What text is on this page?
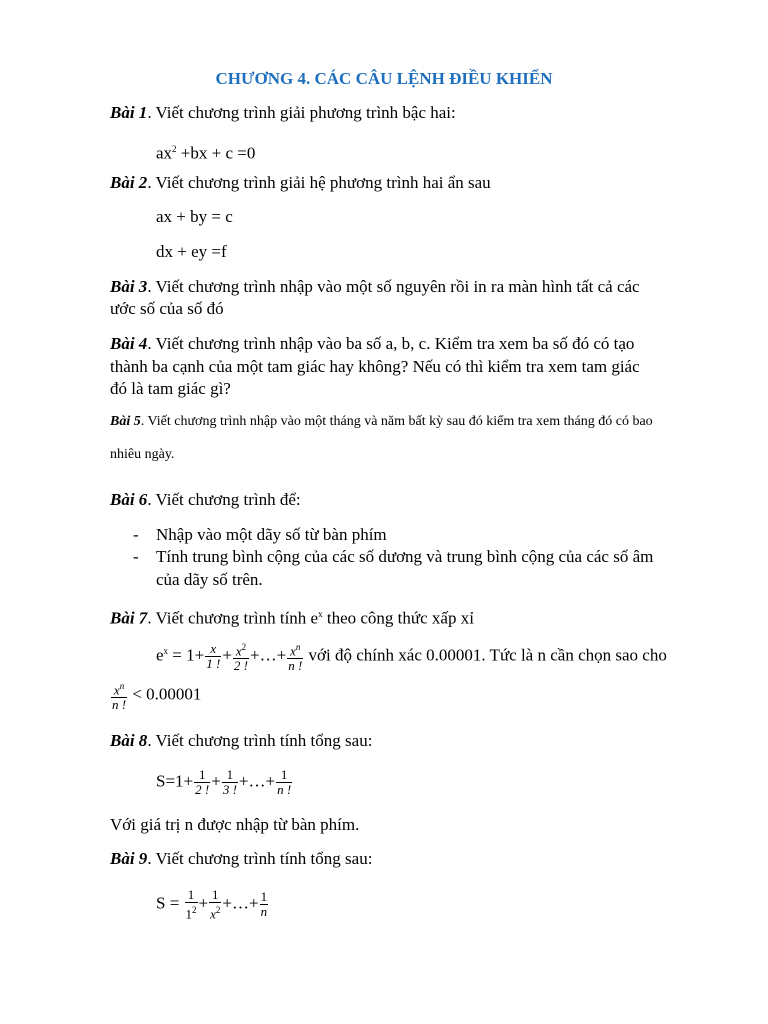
CHƯƠNG 4. CÁC CÂU LỆNH ĐIỀU KHIỂN
Bài 1. Viết chương trình giải phương trình bậc hai:
$ax^2 +bx + c =0$
Bài 2. Viết chương trình giải hệ phương trình hai ẩn sau
ax + by = c
dx + ey =f
Bài 3. Viết chương trình nhập vào một số nguyên rồi in ra màn hình tất cả các
ước số của số đó
Bài 4. Viết chương trình nhập vào ba số a, b, c. Kiểm tra xem ba số đó có tạo
thành ba cạnh của một tam giác hay không? Nếu có thì kiểm tra xem tam giác
đó là tam giác gì?
Bài 5. Viết chương trình nhập vào một tháng và năm bất kỳ sau đó kiểm tra xem tháng đó có bao
nhiêu ngày.
Bài 6. Viết chương trình để:
- Nhập vào một dãy số từ bàn phím
- Tính trung bình cộng của các số dương và trung bình cộng của các số âm
của dãy số trên.
Bài 7. Viết chương trình tính $e^x$ theo công thức xấp xỉ
$e^x = 1+ \frac{x}{1 !} + \frac{x^2}{2 !}$ +…+ $\frac{x^n}{n !}$ với độ chính xác 0.00001. Tức là n cần chọn sao cho
$\frac{x^n}{n !} < 0.00001$
Bài 8. Viết chương trình tính tổng sau:
$S=1+ \frac{1}{2 !} + \frac{1}{3 !}$ +…+ $\frac{1}{n !}$
Với giá trị n được nhập từ bàn phím.
Bài 9. Viết chương trình tính tổng sau:
$S = \frac{1}{1^2} + \frac{1}{x^2}$ +…+ $\frac{1}{n}$
